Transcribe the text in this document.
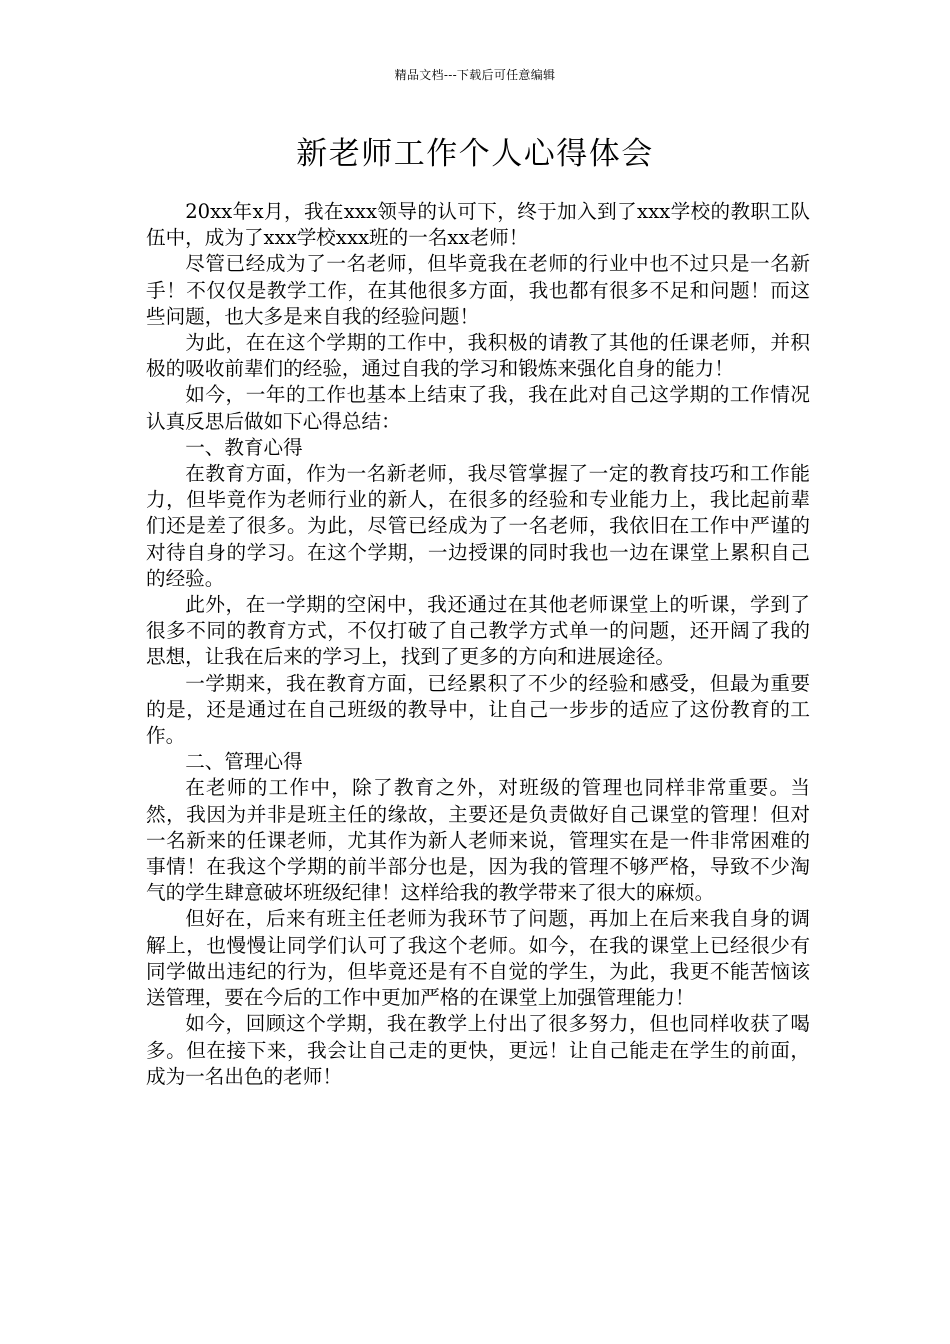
精品文档---下载后可任意编辑
新老师工作个人心得体会

20xx年x月，我在xxx领导的认可下，终于加入到了xxx学校的教职工队伍中，成为了xxx学校xxx班的一名xx老师！

尽管已经成为了一名老师，但毕竟我在老师的行业中也不过只是一名新手！不仅仅是教学工作，在其他很多方面，我也都有很多不足和问题！而这些问题，也大多是来自我的经验问题！

为此，在在这个学期的工作中，我积极的请教了其他的任课老师，并积极的吸收前辈们的经验，通过自我的学习和锻炼来强化自身的能力！

如今，一年的工作也基本上结束了我，我在此对自己这学期的工作情况认真反思后做如下心得总结：

一、教育心得

在教育方面，作为一名新老师，我尽管掌握了一定的教育技巧和工作能力，但毕竟作为老师行业的新人，在很多的经验和专业能力上，我比起前辈们还是差了很多。为此，尽管已经成为了一名老师，我依旧在工作中严谨的对待自身的学习。在这个学期，一边授课的同时我也一边在课堂上累积自己的经验。

此外，在一学期的空闲中，我还通过在其他老师课堂上的听课，学到了很多不同的教育方式，不仅打破了自己教学方式单一的问题，还开阔了我的思想，让我在后来的学习上，找到了更多的方向和进展途径。

一学期来，我在教育方面，已经累积了不少的经验和感受，但最为重要的是，还是通过在自己班级的教导中，让自己一步步的适应了这份教育的工作。

二、管理心得

在老师的工作中，除了教育之外，对班级的管理也同样非常重要。当然，我因为并非是班主任的缘故，主要还是负责做好自己课堂的管理！但对一名新来的任课老师，尤其作为新人老师来说，管理实在是一件非常困难的事情！在我这个学期的前半部分也是，因为我的管理不够严格，导致不少淘气的学生肆意破坏班级纪律！这样给我的教学带来了很大的麻烦。

但好在，后来有班主任老师为我环节了问题，再加上在后来我自身的调解上，也慢慢让同学们认可了我这个老师。如今，在我的课堂上已经很少有同学做出违纪的行为，但毕竟还是有不自觉的学生，为此，我更不能苦恼该送管理，要在今后的工作中更加严格的在课堂上加强管理能力！

如今，回顾这个学期，我在教学上付出了很多努力，但也同样收获了喝多。但在接下来，我会让自己走的更快，更远！让自己能走在学生的前面，成为一名出色的老师！
